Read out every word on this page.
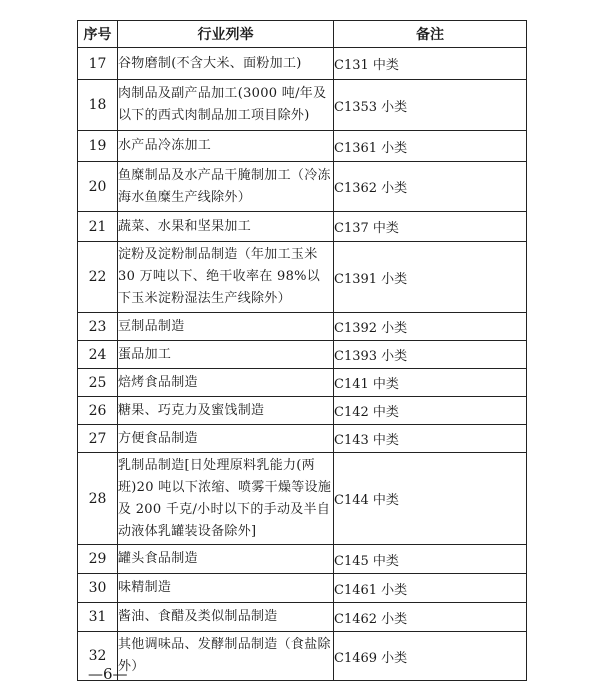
序号	行业列举	备注
17	谷物磨制(不含大米、面粉加工)	C131 中类
18	肉制品及副产品加工(3000 吨/年及以下的西式肉制品加工项目除外)	C1353 小类
19	水产品冷冻加工	C1361 小类
20	鱼糜制品及水产品干腌制加工（冷冻海水鱼糜生产线除外）	C1362 小类
21	蔬菜、水果和坚果加工	C137 中类
22	淀粉及淀粉制品制造（年加工玉米30 万吨以下、绝干收率在 98%以下玉米淀粉湿法生产线除外）	C1391 小类
23	豆制品制造	C1392 小类
24	蛋品加工	C1393 小类
25	焙烤食品制造	C141 中类
26	糖果、巧克力及蜜饯制造	C142 中类
27	方便食品制造	C143 中类
28	乳制品制造[日处理原料乳能力(两班)20 吨以下浓缩、喷雾干燥等设施及 200 千克/小时以下的手动及半自动液体乳罐装设备除外]	C144 中类
29	罐头食品制造	C145 中类
30	味精制造	C1461 小类
31	酱油、食醋及类似制品制造	C1462 小类
32	其他调味品、发酵制品制造（食盐除外）	C1469 小类
—6—
